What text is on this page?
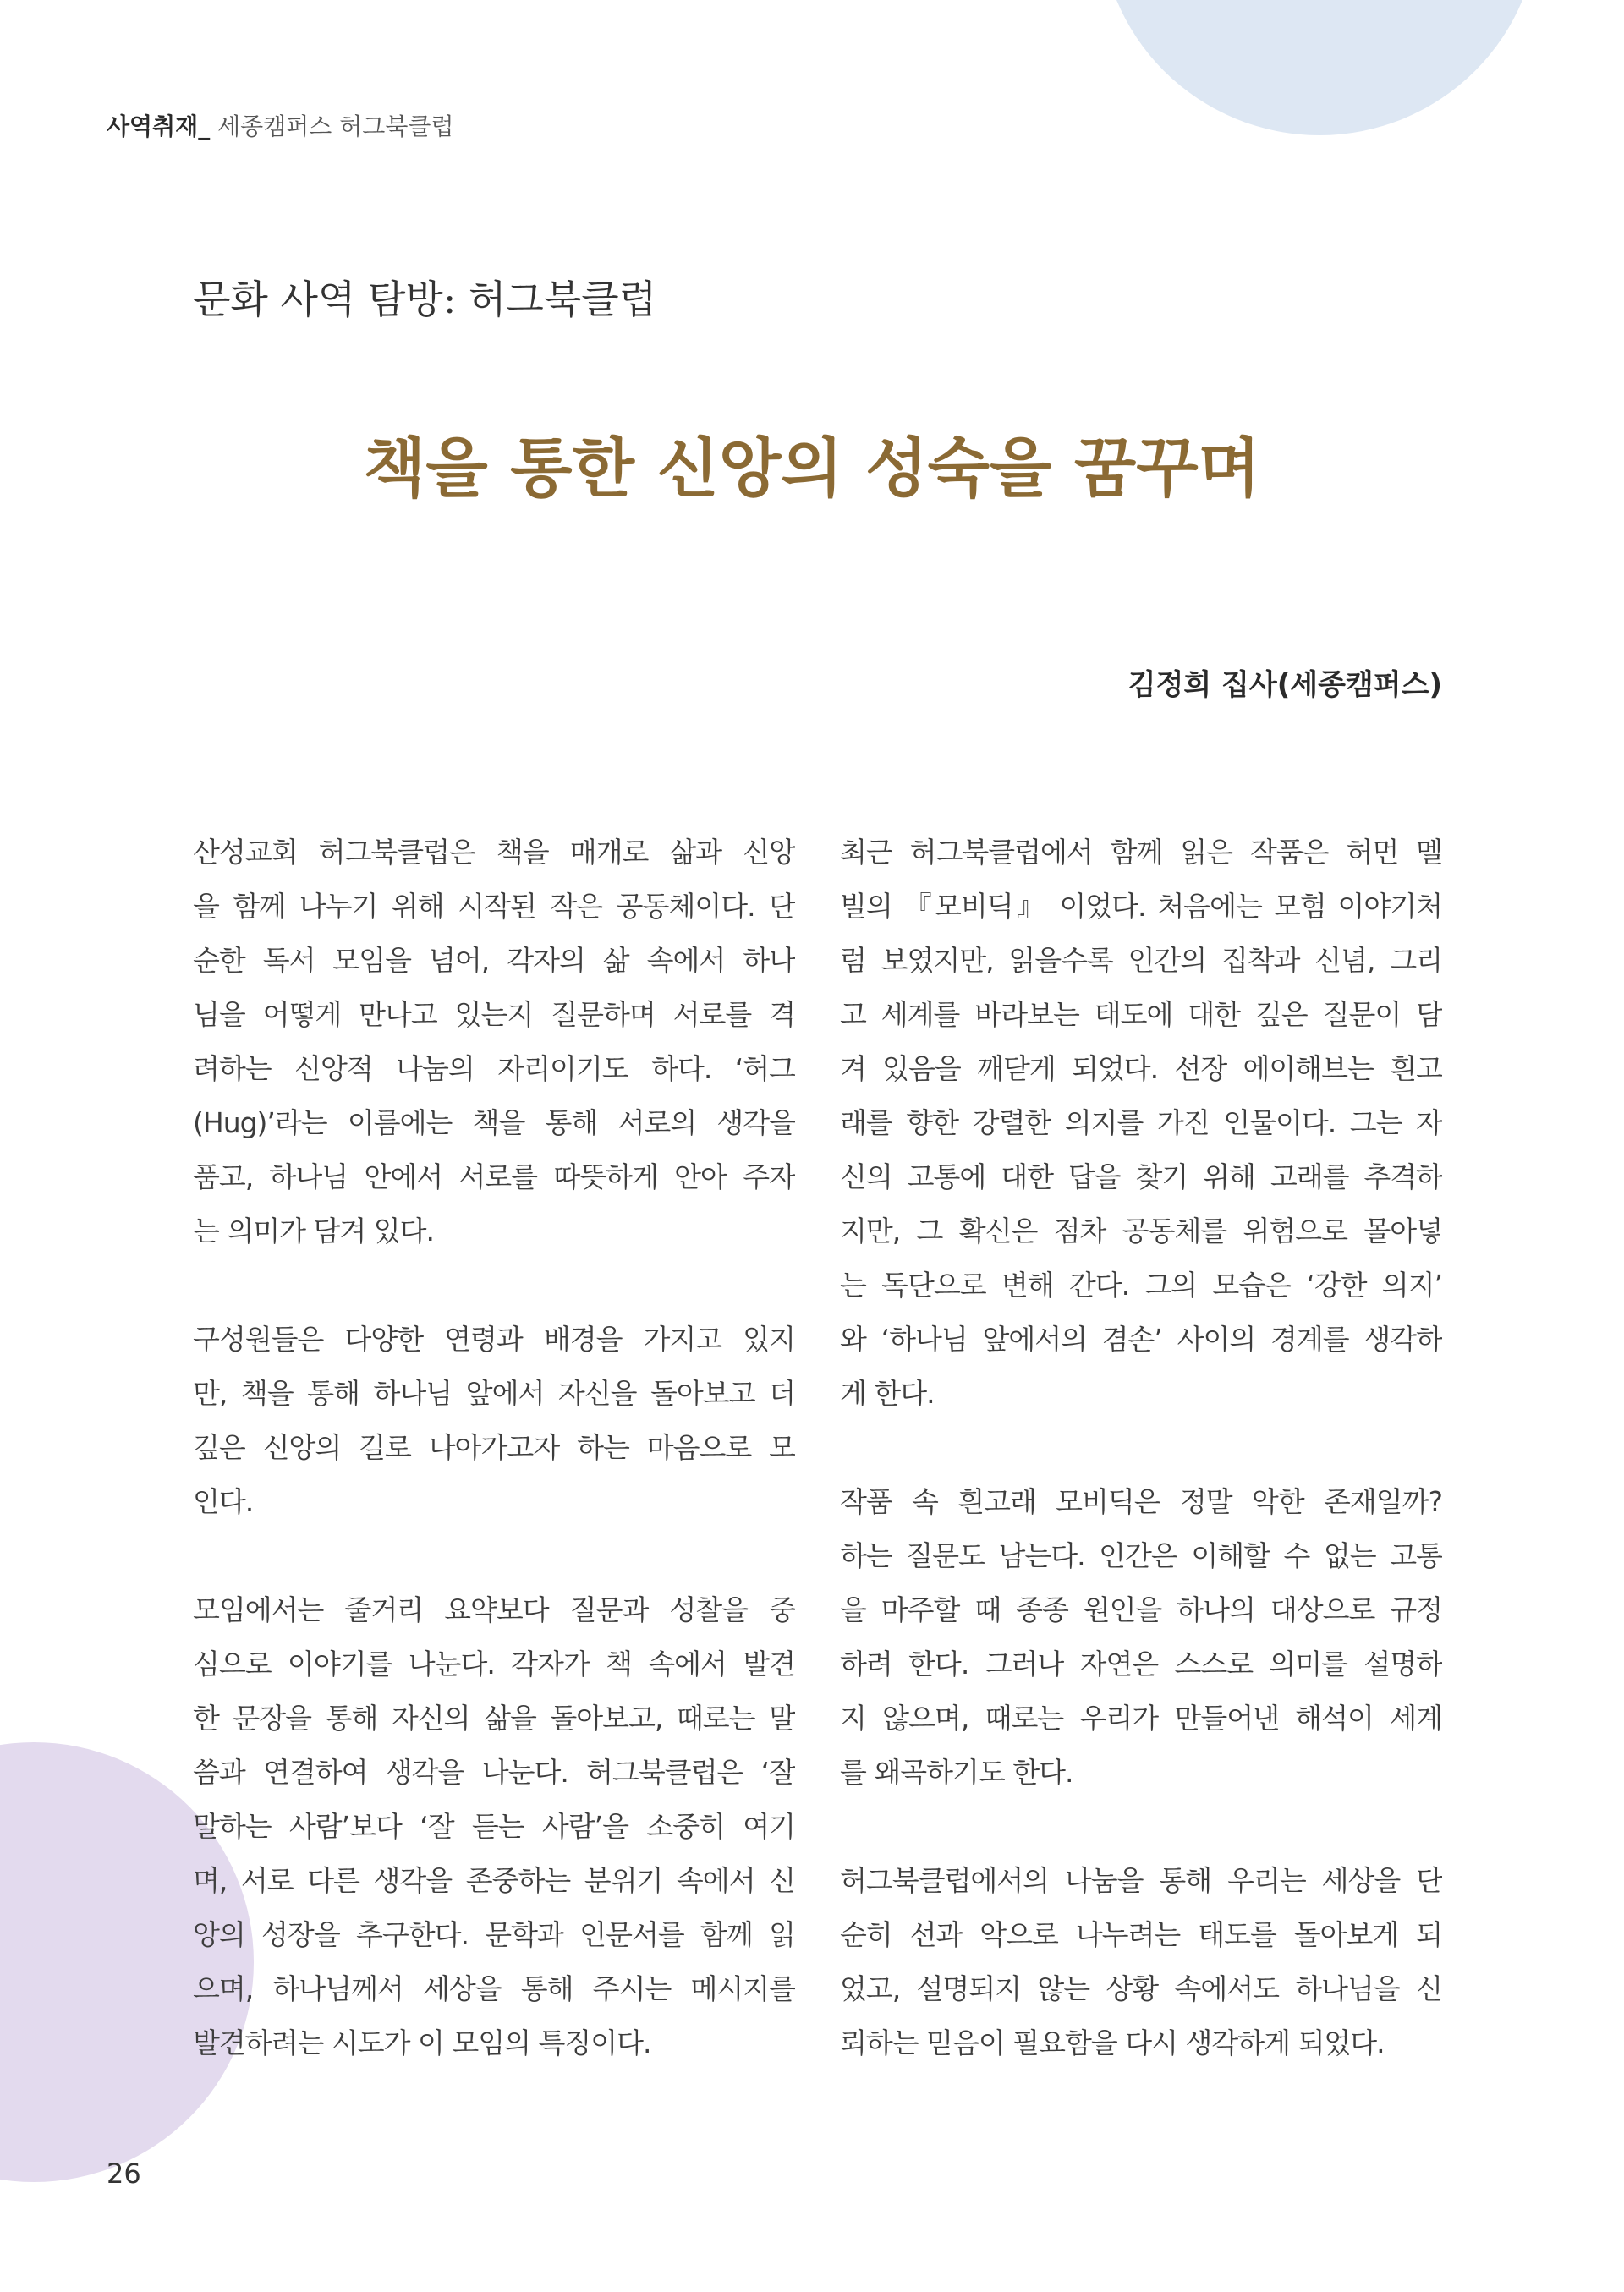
사역취재_ 세종캠퍼스 허그북클럽
문화 사역 탐방: 허그북클럽
책을 통한 신앙의 성숙을 꿈꾸며
김정희 집사(세종캠퍼스)
산성교회 허그북클럽은 책을 매개로 삶과 신앙
을 함께 나누기 위해 시작된 작은 공동체이다. 단
순한 독서 모임을 넘어, 각자의 삶 속에서 하나
님을 어떻게 만나고 있는지 질문하며 서로를 격
려하는 신앙적 나눔의 자리이기도 하다. ‘허그
(Hug)’라는 이름에는 책을 통해 서로의 생각을
품고, 하나님 안에서 서로를 따뜻하게 안아 주자
는 의미가 담겨 있다.
구성원들은 다양한 연령과 배경을 가지고 있지
만, 책을 통해 하나님 앞에서 자신을 돌아보고 더
깊은 신앙의 길로 나아가고자 하는 마음으로 모
인다.
모임에서는 줄거리 요약보다 질문과 성찰을 중
심으로 이야기를 나눈다. 각자가 책 속에서 발견
한 문장을 통해 자신의 삶을 돌아보고, 때로는 말
씀과 연결하여 생각을 나눈다. 허그북클럽은 ‘잘
말하는 사람’보다 ‘잘 듣는 사람’을 소중히 여기
며, 서로 다른 생각을 존중하는 분위기 속에서 신
앙의 성장을 추구한다. 문학과 인문서를 함께 읽
으며, 하나님께서 세상을 통해 주시는 메시지를
발견하려는 시도가 이 모임의 특징이다.
최근 허그북클럽에서 함께 읽은 작품은 허먼 멜
빌의 『모비딕』 이었다. 처음에는 모험 이야기처
럼 보였지만, 읽을수록 인간의 집착과 신념, 그리
고 세계를 바라보는 태도에 대한 깊은 질문이 담
겨 있음을 깨닫게 되었다. 선장 에이해브는 흰고
래를 향한 강렬한 의지를 가진 인물이다. 그는 자
신의 고통에 대한 답을 찾기 위해 고래를 추격하
지만, 그 확신은 점차 공동체를 위험으로 몰아넣
는 독단으로 변해 간다. 그의 모습은 ‘강한 의지’
와 ‘하나님 앞에서의 겸손’ 사이의 경계를 생각하
게 한다.
작품 속 흰고래 모비딕은 정말 악한 존재일까?
하는 질문도 남는다. 인간은 이해할 수 없는 고통
을 마주할 때 종종 원인을 하나의 대상으로 규정
하려 한다. 그러나 자연은 스스로 의미를 설명하
지 않으며, 때로는 우리가 만들어낸 해석이 세계
를 왜곡하기도 한다.
허그북클럽에서의 나눔을 통해 우리는 세상을 단
순히 선과 악으로 나누려는 태도를 돌아보게 되
었고, 설명되지 않는 상황 속에서도 하나님을 신
뢰하는 믿음이 필요함을 다시 생각하게 되었다.
26
